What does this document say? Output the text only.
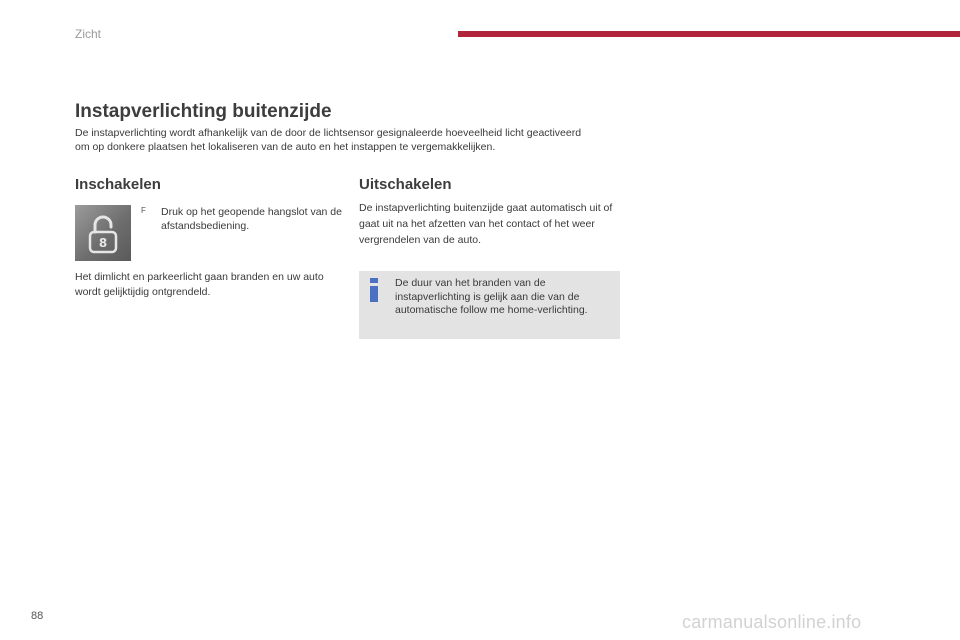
Zicht
Instapverlichting buitenzijde

De instapverlichting wordt afhankelijk van de door de lichtsensor gesignaleerde hoeveelheid licht geactiveerd om op donkere plaatsen het lokaliseren van de auto en het instappen te vergemakkelijken.

Inschakelen
8
F Druk op het geopende hangslot van de afstandsbediening.

Het dimlicht en parkeerlicht gaan branden en uw auto wordt gelijktijdig ontgrendeld.

Uitschakelen

De instapverlichting buitenzijde gaat automatisch uit of gaat uit na het afzetten van het contact of het weer vergrendelen van de auto.

De duur van het branden van de instapverlichting is gelijk aan die van de automatische follow me home-verlichting.

88	carmanualsonline.info
